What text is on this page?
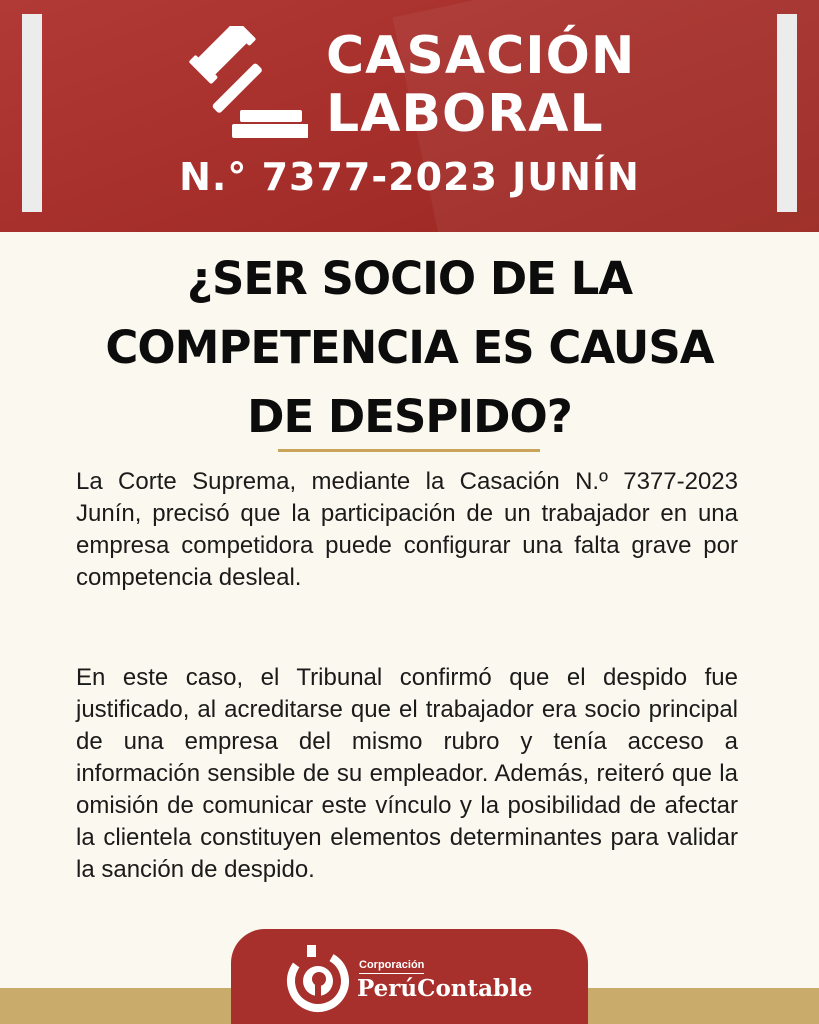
CASACIÓN
LABORAL
N.° 7377-2023 JUNÍN
¿SER SOCIO DE LA
COMPETENCIA ES CAUSA
DE DESPIDO?

La Corte Suprema, mediante la Casación N.º 7377-2023 Junín, precisó que la participación de un trabajador en una empresa competidora puede configurar una falta grave por competencia desleal.

En este caso, el Tribunal confirmó que el despido fue justificado, al acreditarse que el trabajador era socio principal de una empresa del mismo rubro y tenía acceso a información sensible de su empleador. Además, reiteró que la omisión de comunicar este vínculo y la posibilidad de afectar la clientela constituyen elementos determinantes para validar la sanción de despido.

Corporación
PerúContable
